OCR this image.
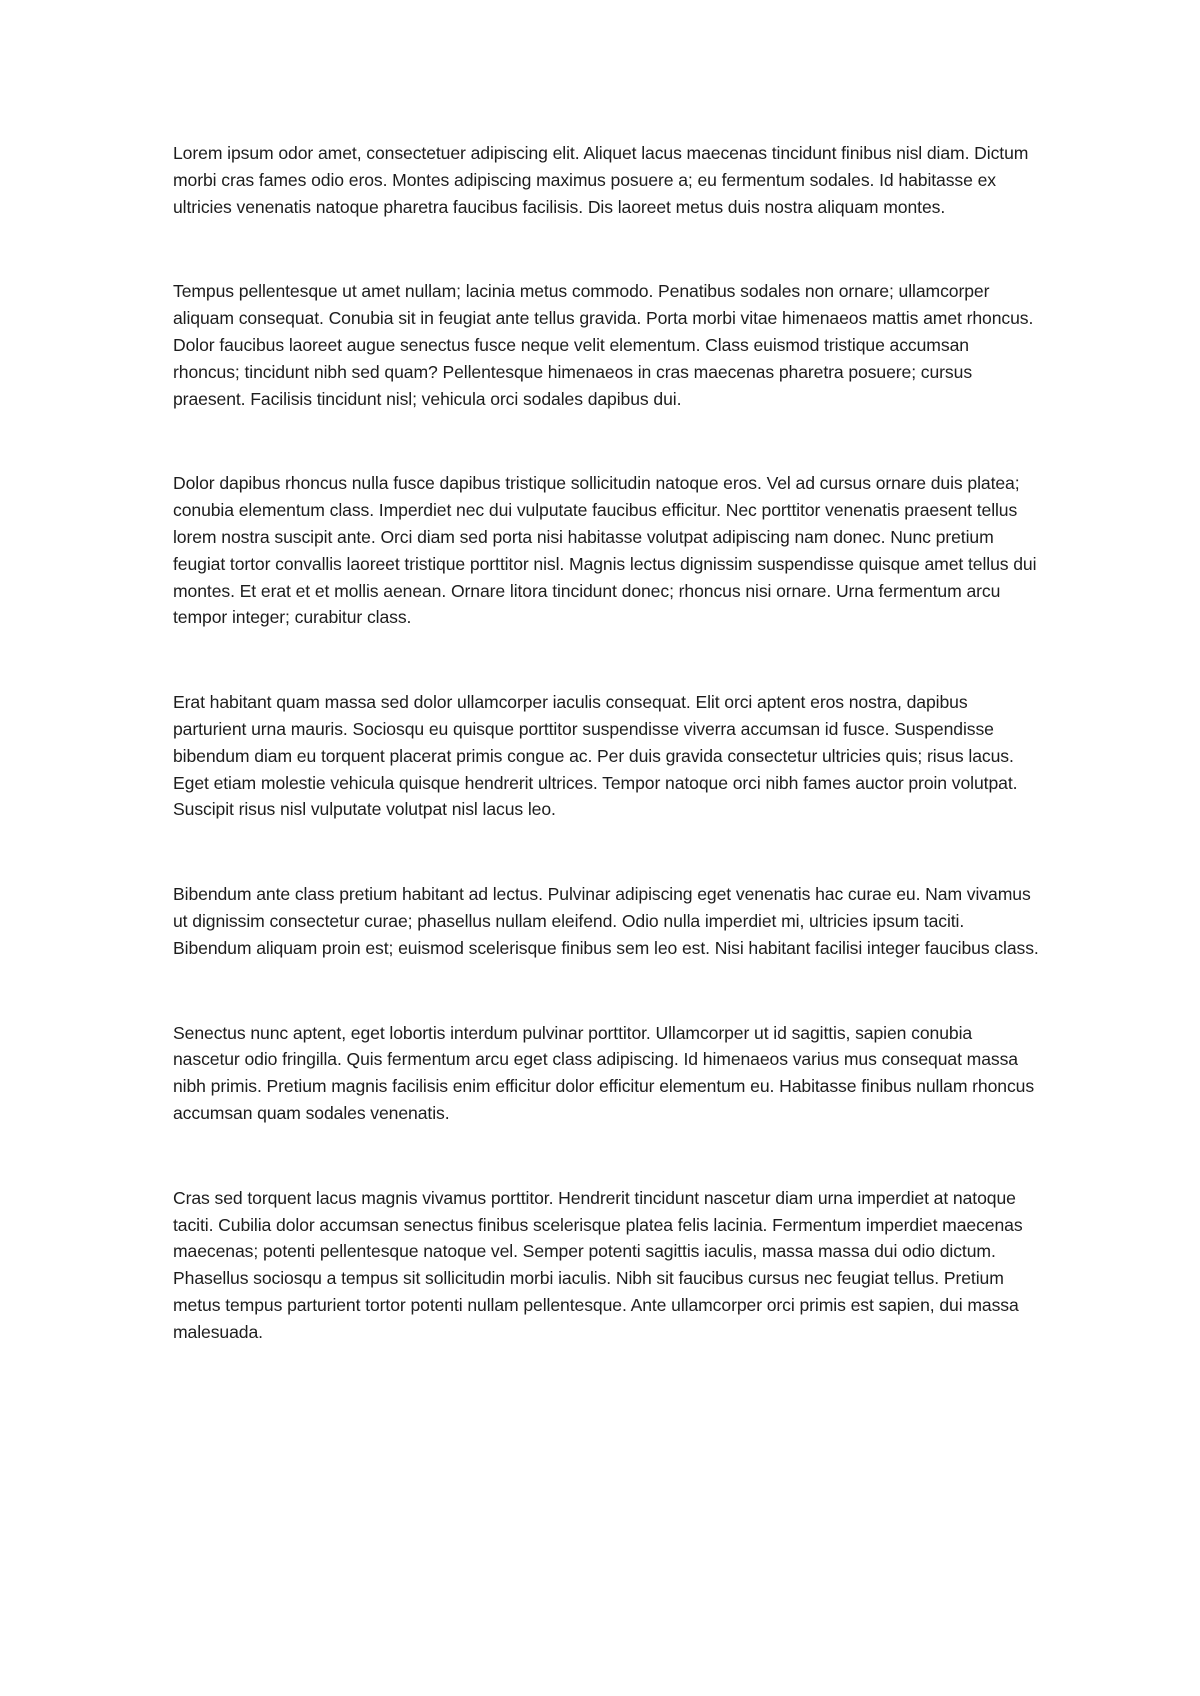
Lorem ipsum odor amet, consectetuer adipiscing elit. Aliquet lacus maecenas tincidunt finibus nisl diam. Dictum morbi cras fames odio eros. Montes adipiscing maximus posuere a; eu fermentum sodales. Id habitasse ex ultricies venenatis natoque pharetra faucibus facilisis. Dis laoreet metus duis nostra aliquam montes.

Tempus pellentesque ut amet nullam; lacinia metus commodo. Penatibus sodales non ornare; ullamcorper aliquam consequat. Conubia sit in feugiat ante tellus gravida. Porta morbi vitae himenaeos mattis amet rhoncus. Dolor faucibus laoreet augue senectus fusce neque velit elementum. Class euismod tristique accumsan rhoncus; tincidunt nibh sed quam? Pellentesque himenaeos in cras maecenas pharetra posuere; cursus praesent. Facilisis tincidunt nisl; vehicula orci sodales dapibus dui.

Dolor dapibus rhoncus nulla fusce dapibus tristique sollicitudin natoque eros. Vel ad cursus ornare duis platea; conubia elementum class. Imperdiet nec dui vulputate faucibus efficitur. Nec porttitor venenatis praesent tellus lorem nostra suscipit ante. Orci diam sed porta nisi habitasse volutpat adipiscing nam donec. Nunc pretium feugiat tortor convallis laoreet tristique porttitor nisl. Magnis lectus dignissim suspendisse quisque amet tellus dui montes. Et erat et et mollis aenean. Ornare litora tincidunt donec; rhoncus nisi ornare. Urna fermentum arcu tempor integer; curabitur class.

Erat habitant quam massa sed dolor ullamcorper iaculis consequat. Elit orci aptent eros nostra, dapibus parturient urna mauris. Sociosqu eu quisque porttitor suspendisse viverra accumsan id fusce. Suspendisse bibendum diam eu torquent placerat primis congue ac. Per duis gravida consectetur ultricies quis; risus lacus. Eget etiam molestie vehicula quisque hendrerit ultrices. Tempor natoque orci nibh fames auctor proin volutpat. Suscipit risus nisl vulputate volutpat nisl lacus leo.

Bibendum ante class pretium habitant ad lectus. Pulvinar adipiscing eget venenatis hac curae eu. Nam vivamus ut dignissim consectetur curae; phasellus nullam eleifend. Odio nulla imperdiet mi, ultricies ipsum taciti. Bibendum aliquam proin est; euismod scelerisque finibus sem leo est. Nisi habitant facilisi integer faucibus class.

Senectus nunc aptent, eget lobortis interdum pulvinar porttitor. Ullamcorper ut id sagittis, sapien conubia nascetur odio fringilla. Quis fermentum arcu eget class adipiscing. Id himenaeos varius mus consequat massa nibh primis. Pretium magnis facilisis enim efficitur dolor efficitur elementum eu. Habitasse finibus nullam rhoncus accumsan quam sodales venenatis.

Cras sed torquent lacus magnis vivamus porttitor. Hendrerit tincidunt nascetur diam urna imperdiet at natoque taciti. Cubilia dolor accumsan senectus finibus scelerisque platea felis lacinia. Fermentum imperdiet maecenas maecenas; potenti pellentesque natoque vel. Semper potenti sagittis iaculis, massa massa dui odio dictum. Phasellus sociosqu a tempus sit sollicitudin morbi iaculis. Nibh sit faucibus cursus nec feugiat tellus. Pretium metus tempus parturient tortor potenti nullam pellentesque. Ante ullamcorper orci primis est sapien, dui massa malesuada.
